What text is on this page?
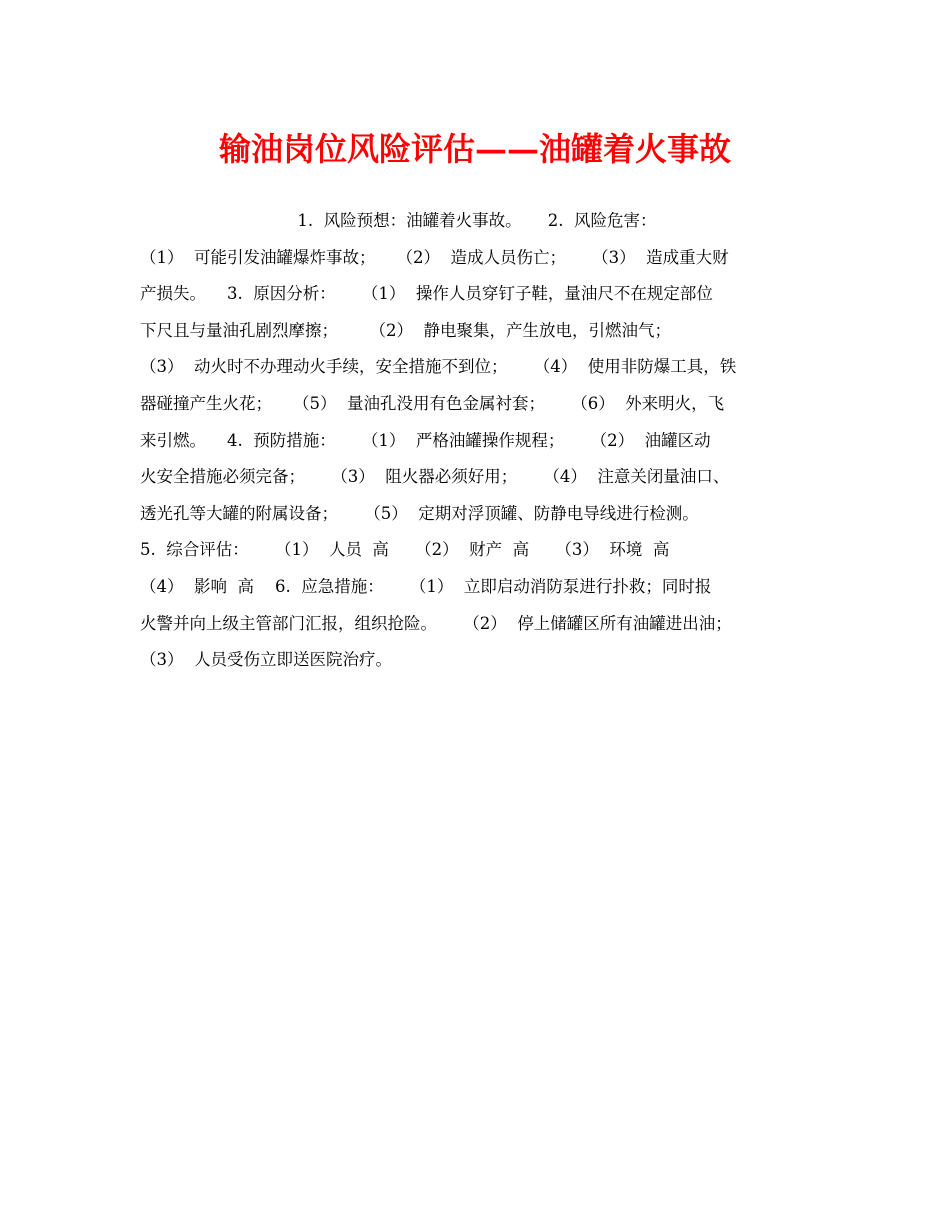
输油岗位风险评估——油罐着火事故
1.  风险预想：油罐着火事故。     2.  风险危害：
（1）  可能引发油罐爆炸事故；    （2）  造成人员伤亡；     （3）  造成重大财
产损失。    3.  原因分析：     （1）  操作人员穿钉子鞋，量油尺不在规定部位
下尺且与量油孔剧烈摩擦；      （2）  静电聚集，产生放电，引燃油气；
（3）  动火时不办理动火手续，安全措施不到位；     （4）  使用非防爆工具，铁
器碰撞产生火花；    （5）  量油孔没用有色金属衬套；     （6）  外来明火，飞
来引燃。    4.  预防措施：     （1）  严格油罐操作规程；     （2）  油罐区动
火安全措施必须完备；     （3）  阻火器必须好用；     （4）  注意关闭量油口、
透光孔等大罐的附属设备；     （5）  定期对浮顶罐、防静电导线进行检测。
5.  综合评估：     （1）  人员  高     （2）  财产  高     （3）  环境  高
（4）  影响  高    6.  应急措施：     （1）  立即启动消防泵进行扑救；同时报
火警并向上级主管部门汇报，组织抢险。     （2）  停上储罐区所有油罐进出油；
（3）  人员受伤立即送医院治疗。
